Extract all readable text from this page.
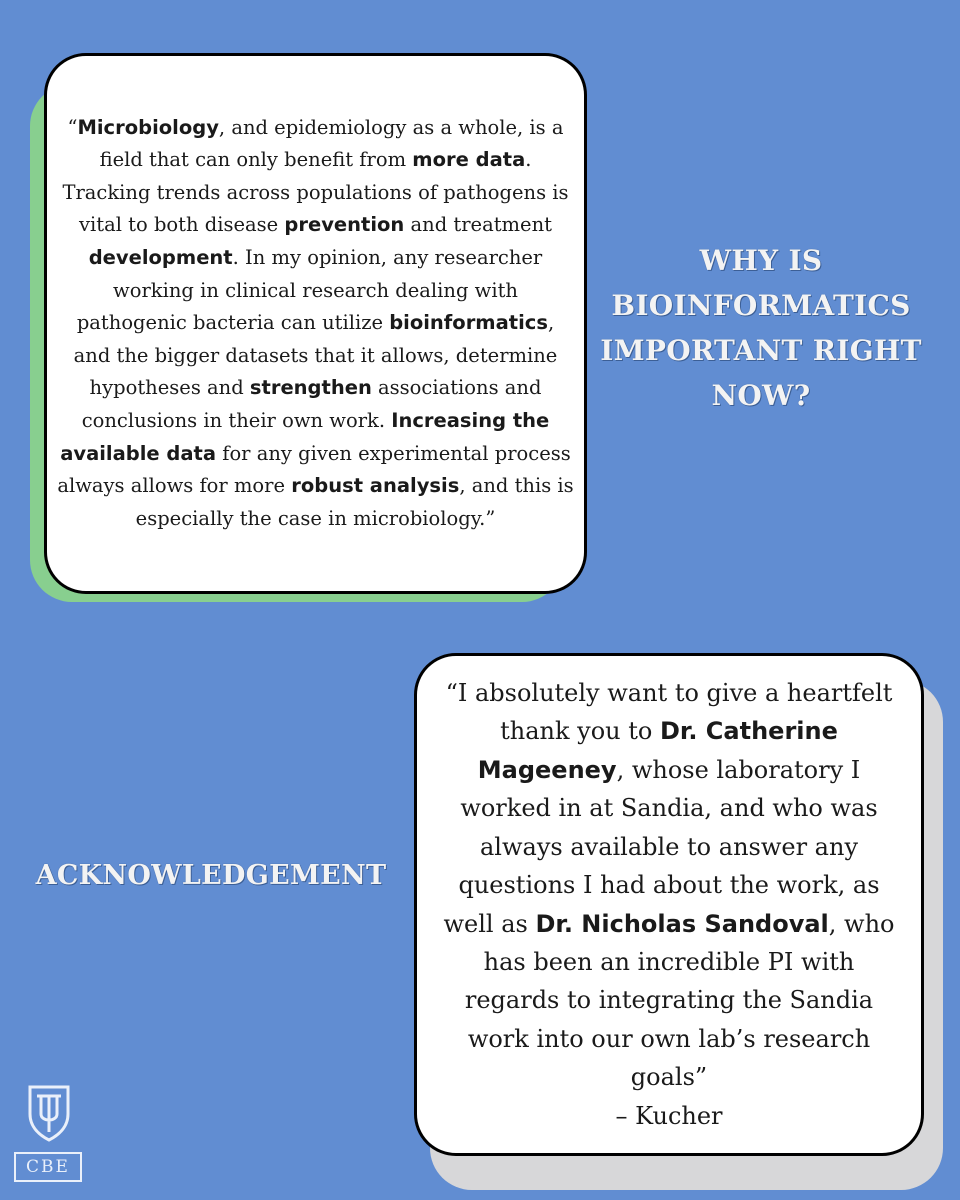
“Microbiology, and epidemiology as a whole, is a field that can only benefit from more data. Tracking trends across populations of pathogens is vital to both disease prevention and treatment development. In my opinion, any researcher working in clinical research dealing with pathogenic bacteria can utilize bioinformatics, and the bigger datasets that it allows, determine hypotheses and strengthen associations and conclusions in their own work. Increasing the available data for any given experimental process always allows for more robust analysis, and this is especially the case in microbiology.”
WHY IS BIOINFORMATICS IMPORTANT RIGHT NOW?
ACKNOWLEDGEMENT
“I absolutely want to give a heartfelt thank you to Dr. Catherine Mageeney, whose laboratory I worked in at Sandia, and who was always available to answer any questions I had about the work, as well as Dr. Nicholas Sandoval, who has been an incredible PI with regards to integrating the Sandia work into our own lab’s research goals”
– Kucher
CBE
